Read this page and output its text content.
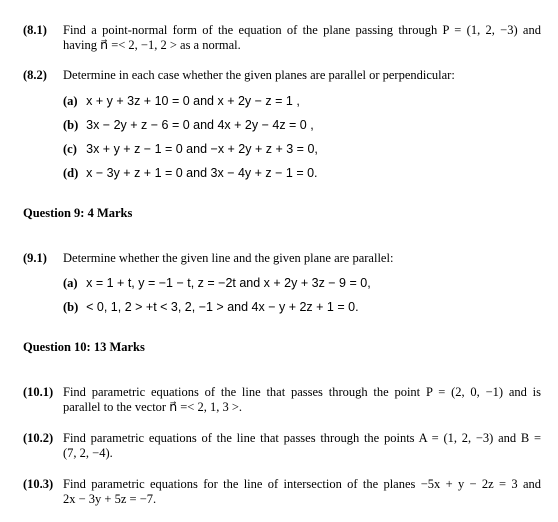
(8.1) Find a point-normal form of the equation of the plane passing through P = (1, 2, −3) and
having n⃗ =< 2, −1, 2 > as a normal.
(8.2) Determine in each case whether the given planes are parallel or perpendicular:
(a) x + y + 3z + 10 = 0 and x + 2y − z = 1 ,
(b) 3x − 2y + z − 6 = 0 and 4x + 2y − 4z = 0 ,
(c) 3x + y + z − 1 = 0 and −x + 2y + z + 3 = 0,
(d) x − 3y + z + 1 = 0 and 3x − 4y + z − 1 = 0.
Question 9: 4 Marks
(9.1) Determine whether the given line and the given plane are parallel:
(a) x = 1 + t, y = −1 − t, z = −2t and x + 2y + 3z − 9 = 0,
(b) < 0, 1, 2 > +t < 3, 2, −1 > and 4x − y + 2z + 1 = 0.
Question 10: 13 Marks
(10.1) Find parametric equations of the line that passes through the point P = (2, 0, −1) and is
parallel to the vector n⃗ =< 2, 1, 3 >.
(10.2) Find parametric equations of the line that passes through the points A = (1, 2, −3) and B =
(7, 2, −4).
(10.3) Find parametric equations for the line of intersection of the planes −5x + y − 2z = 3 and
2x − 3y + 5z = −7.
